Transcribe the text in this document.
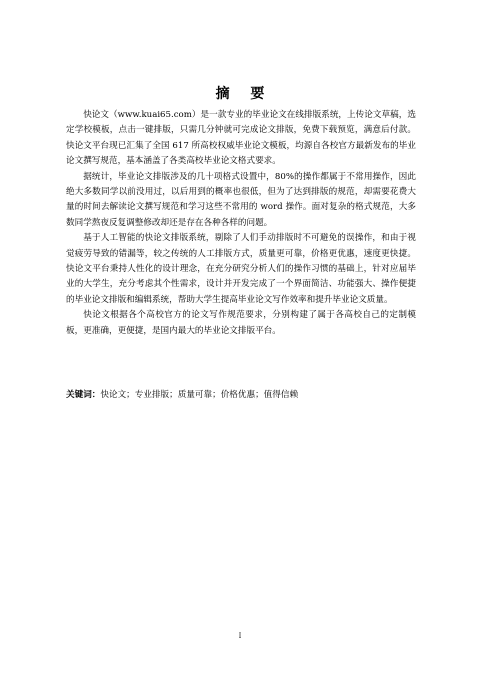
摘 要

快论文（www.kuai65.com）是一款专业的毕业论文在线排版系统，上传论文草稿，选定学校模板，点击一键排版，只需几分钟就可完成论文排版，免费下载预览，满意后付款。快论文平台现已汇集了全国 617 所高校权威毕业论文模板，均源自各校官方最新发布的毕业论文撰写规范，基本涵盖了各类高校毕业论文格式要求。

据统计，毕业论文排版涉及的几十项格式设置中，80%的操作都属于不常用操作，因此绝大多数同学以前没用过，以后用到的概率也很低，但为了达到排版的规范，却需要花费大量的时间去解读论文撰写规范和学习这些不常用的 word 操作。面对复杂的格式规范，大多数同学熬夜反复调整修改却还是存在各种各样的问题。

基于人工智能的快论文排版系统，剔除了人们手动排版时不可避免的误操作，和由于视觉疲劳导致的错漏等，较之传统的人工排版方式，质量更可靠，价格更优惠，速度更快捷。快论文平台秉持人性化的设计理念，在充分研究分析人们的操作习惯的基础上，针对应届毕业的大学生，充分考虑其个性需求，设计并开发完成了一个界面简洁、功能强大、操作便捷的毕业论文排版和编辑系统，帮助大学生提高毕业论文写作效率和提升毕业论文质量。

快论文根据各个高校官方的论文写作规范要求，分别构建了属于各高校自己的定制模板，更准确，更便捷，是国内最大的毕业论文排版平台。

关键词：快论文；专业排版；质量可靠；价格优惠；值得信赖
I
